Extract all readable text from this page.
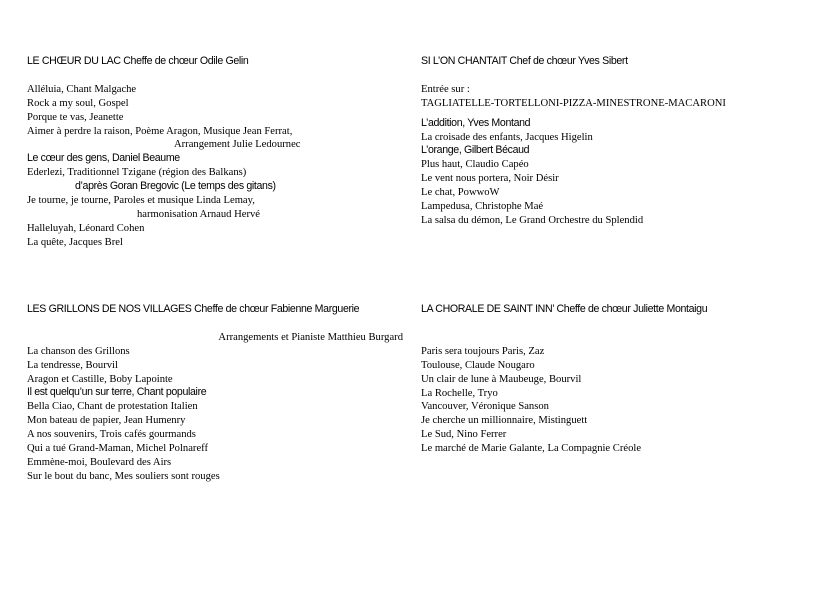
LE CHŒUR DU LAC Cheffe de chœur Odile Gelin
Alléluia, Chant Malgache
Rock a my soul, Gospel
Porque te vas, Jeanette
Aimer à perdre la raison, Poème Aragon, Musique Jean Ferrat,
Arrangement Julie Ledournec
Le cœur des gens, Daniel Beaume
Ederlezi, Traditionnel Tzigane (région des Balkans)
d’après Goran Bregovic (Le temps des gitans)
Je tourne, je tourne, Paroles et musique Linda Lemay,
harmonisation Arnaud Hervé
Halleluyah, Léonard Cohen
La quête, Jacques Brel
SI L’ON CHANTAIT Chef de chœur Yves Sibert
Entrée sur :
TAGLIATELLE-TORTELLONI-PIZZA-MINESTRONE-MACARONI
L’addition, Yves Montand
La croisade des enfants, Jacques Higelin
L’orange, Gilbert Bécaud
Plus haut, Claudio Capéo
Le vent nous portera, Noir Désir
Le chat, PowwoW
Lampedusa, Christophe Maé
La salsa du démon, Le Grand Orchestre du Splendid
LES GRILLONS DE NOS VILLAGES Cheffe de chœur Fabienne Marguerie
Arrangements et Pianiste Matthieu Burgard
La chanson des Grillons
La tendresse, Bourvil
Aragon et Castille, Boby Lapointe
Il est quelqu’un sur terre, Chant populaire
Bella Ciao, Chant de protestation Italien
Mon bateau de papier, Jean Humenry
A nos souvenirs, Trois cafés gourmands
Qui a tué Grand-Maman, Michel Polnareff
Emmène-moi, Boulevard des Airs
Sur le bout du banc, Mes souliers sont rouges
LA CHORALE DE SAINT INN’ Cheffe de chœur Juliette Montaigu
Paris sera toujours Paris, Zaz
Toulouse, Claude Nougaro
Un clair de lune à Maubeuge, Bourvil
La Rochelle, Tryo
Vancouver, Véronique Sanson
Je cherche un millionnaire, Mistinguett
Le Sud, Nino Ferrer
Le marché de Marie Galante, La Compagnie Créole
